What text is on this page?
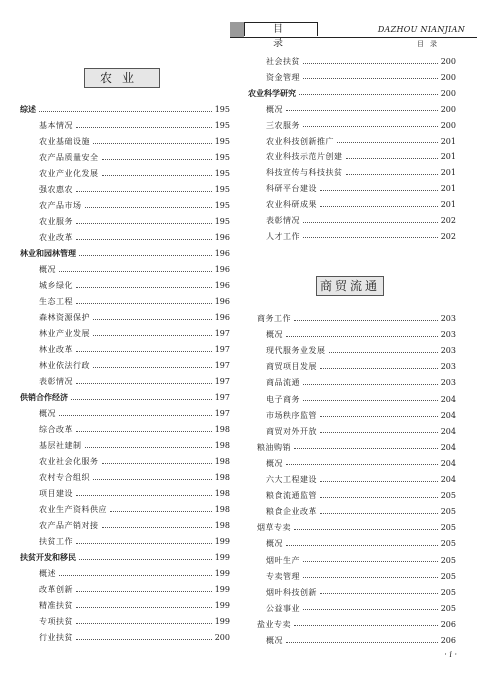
目 录
DAZHOU NIANJIAN
目录
农业
商贸流通
综述	195
基本情况	195
农业基础设施	195
农产品质量安全	195
农业产业化发展	195
强农惠农	195
农产品市场	195
农业服务	195
农业改革	196
林业和园林管理	196
概况	196
城乡绿化	196
生态工程	196
森林资源保护	196
林业产业发展	197
林业改革	197
林业依法行政	197
表彰情况	197
供销合作经济	197
概况	197
综合改革	198
基层社建制	198
农业社会化服务	198
农村专合组织	198
项目建设	198
农业生产资料供应	198
农产品产销对接	198
扶贫工作	199
扶贫开发和移民	199
概述	199
改革创新	199
精准扶贫	199
专项扶贫	199
行业扶贫	200
社会扶贫	200
资金管理	200
农业科学研究	200
概况	200
三农服务	200
农业科技创新推广	201
农业科技示范片创建	201
科技宣传与科技扶贫	201
科研平台建设	201
农业科研成果	201
表彰情况	202
人才工作	202
商务工作	203
概况	203
现代服务业发展	203
商贸项目发展	203
商品流通	203
电子商务	204
市场秩序监管	204
商贸对外开放	204
粮油购销	204
概况	204
六大工程建设	204
粮食流通监管	205
粮食企业改革	205
烟草专卖	205
概况	205
烟叶生产	205
专卖管理	205
烟叶科技创新	205
公益事业	205
盐业专卖	206
概况	206
· i ·
